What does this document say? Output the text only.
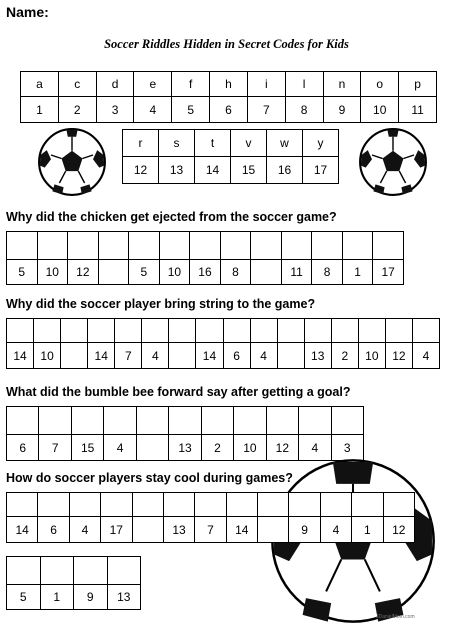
Name:
Soccer Riddles Hidden in Secret Codes for Kids
a	c	d	e	f	h	i	l	n	o	p
1	2	3	4	5	6	7	8	9	10	11
r	s	t	v	w	y
12	13	14	15	16	17
Why did the chicken get ejected from the soccer game?

5	10	12		5	10	16	8		11	8	1	17
Why did the soccer player bring string to the game?

14	10		14	7	4		14	6	4		13	2	10	12	4
What did the bumble bee forward say after getting a goal?

6	7	15	4		13	2	10	12	4	3
How do soccer players stay cool during games?

14	6	4	17		13	7	14		9	4	1	12

5	1	9	13
JDanielMom.com
